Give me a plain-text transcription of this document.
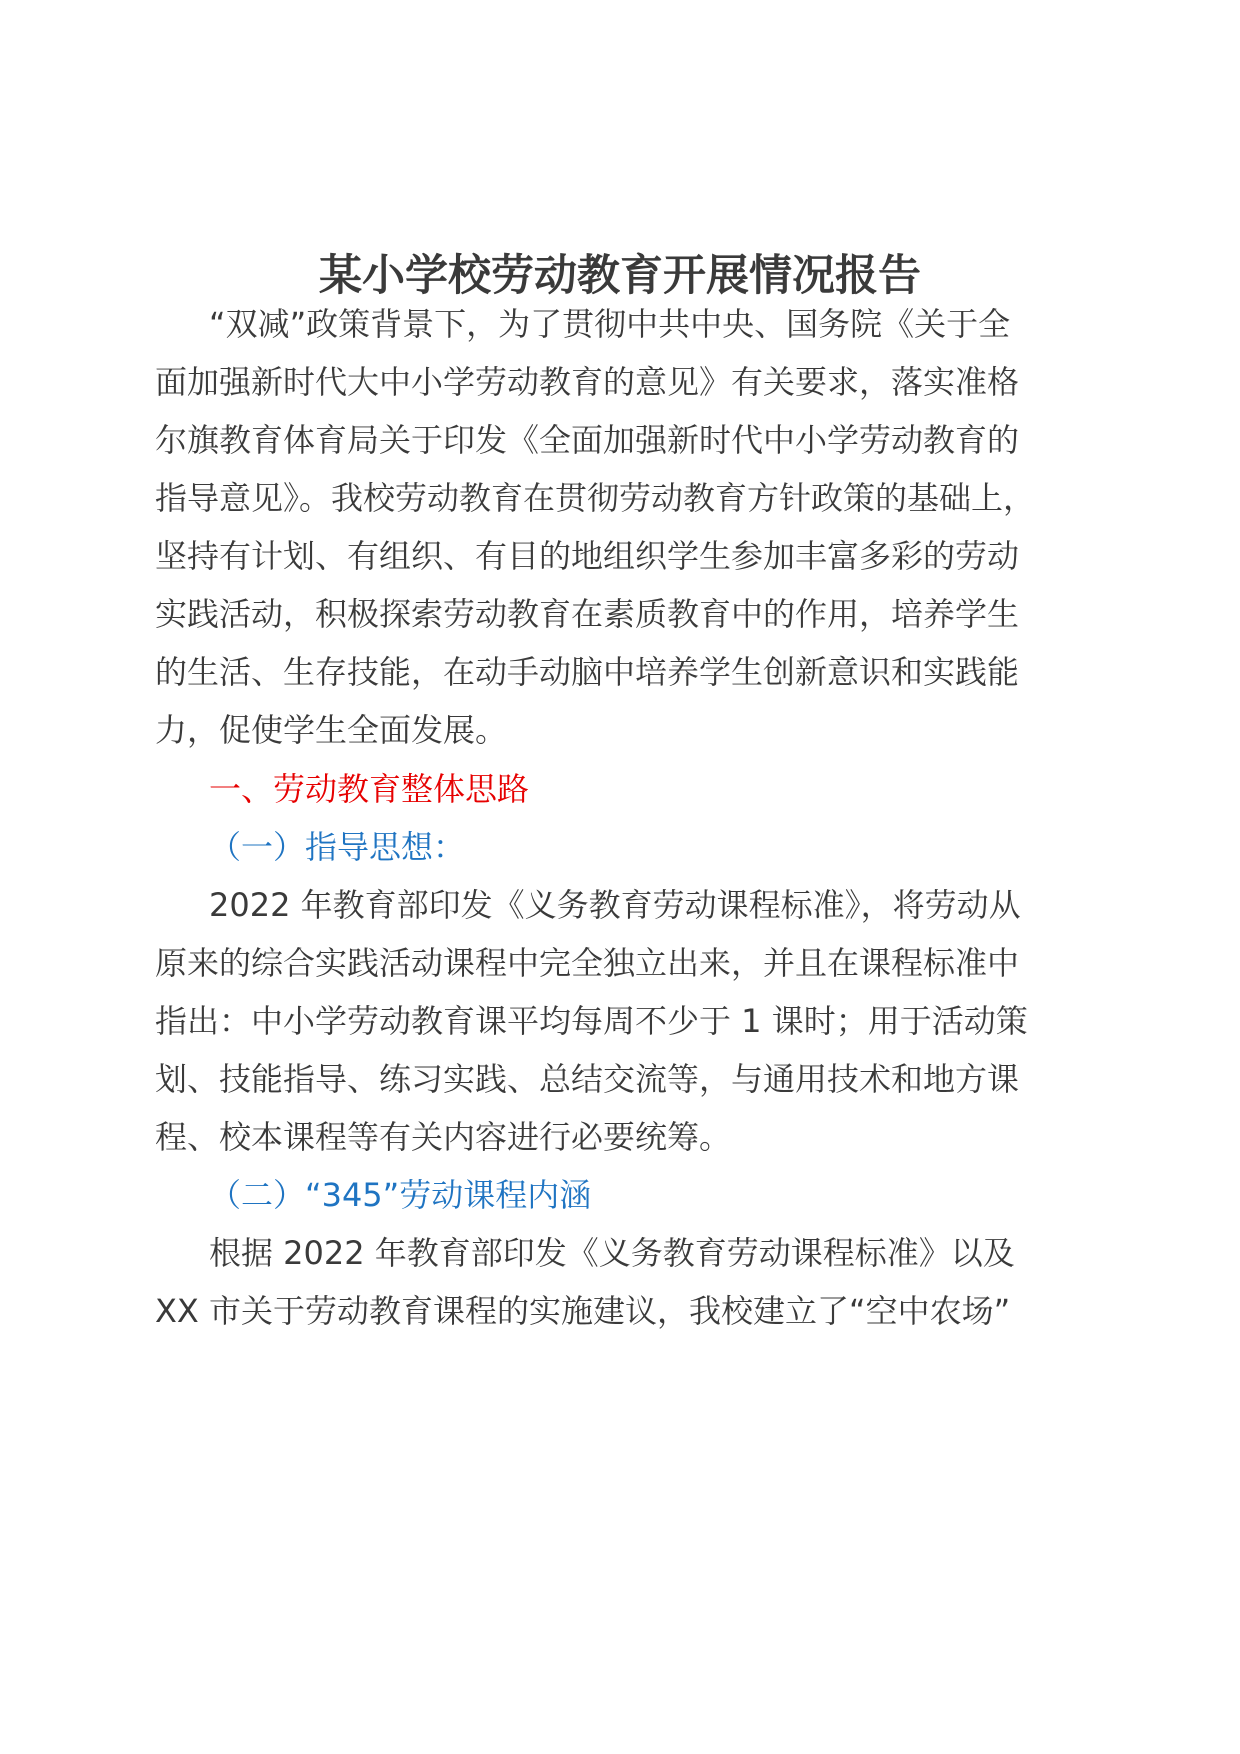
某小学校劳动教育开展情况报告

“双减”政策背景下，为了贯彻中共中央、国务院《关于全

面加强新时代大中小学劳动教育的意见》有关要求，落实准格

尔旗教育体育局关于印发《全面加强新时代中小学劳动教育的

指导意见》。我校劳动教育在贯彻劳动教育方针政策的基础上，

坚持有计划、有组织、有目的地组织学生参加丰富多彩的劳动

实践活动，积极探索劳动教育在素质教育中的作用，培养学生

的生活、生存技能，在动手动脑中培养学生创新意识和实践能

力，促使学生全面发展。

一、劳动教育整体思路

（一）指导思想：

2022 年教育部印发《义务教育劳动课程标准》，将劳动从

原来的综合实践活动课程中完全独立出来，并且在课程标准中

指出：中小学劳动教育课平均每周不少于 1 课时；用于活动策

划、技能指导、练习实践、总结交流等，与通用技术和地方课

程、校本课程等有关内容进行必要统筹。

（二）“345”劳动课程内涵

根据 2022 年教育部印发《义务教育劳动课程标准》以及

XX 市关于劳动教育课程的实施建议，我校建立了“空中农场”
